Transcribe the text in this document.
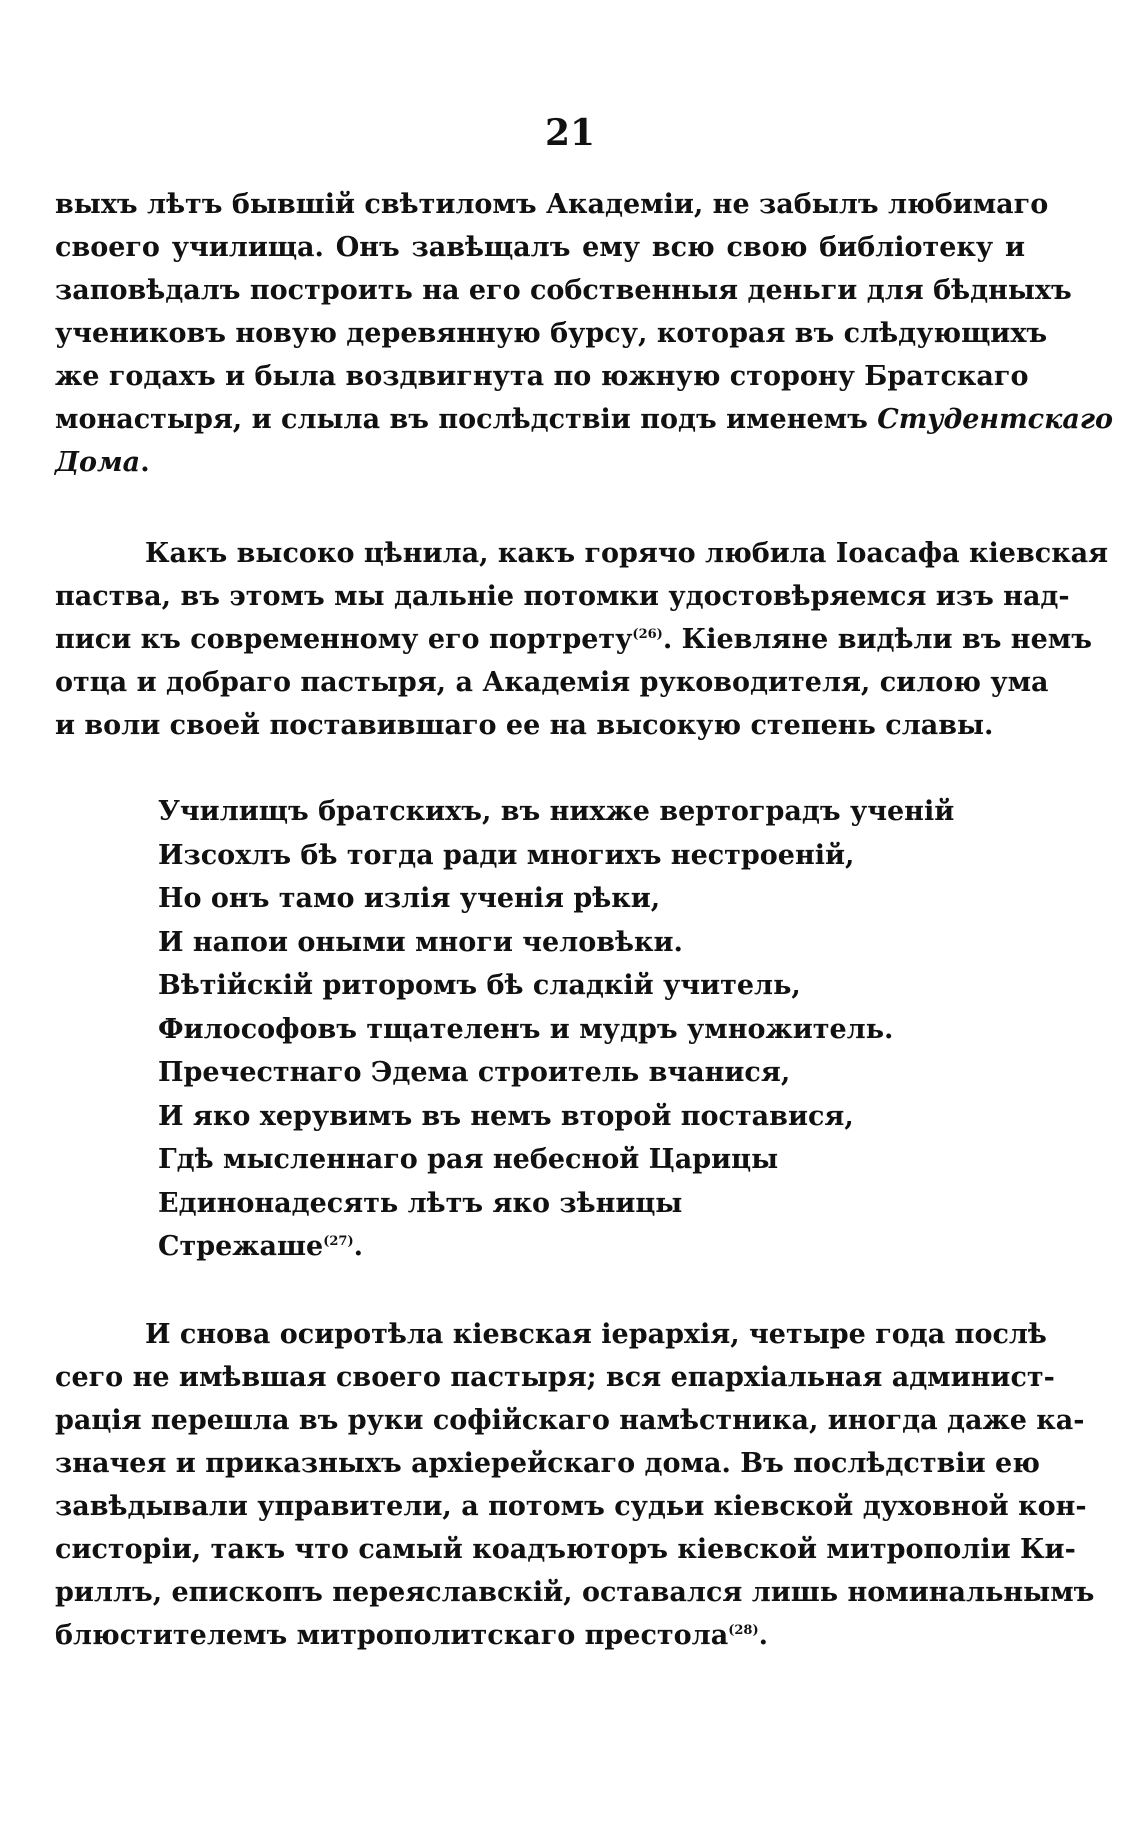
21
выхъ лѣтъ бывшій свѣтиломъ Академіи, не забылъ любимаго
своего училища. Онъ завѣщалъ ему всю свою библіотеку и
заповѣдалъ построить на его собственныя деньги для бѣдныхъ
учениковъ новую деревянную бурсу, которая въ слѣдующихъ
же годахъ и была воздвигнута по южную сторону Братскаго
монастыря, и слыла въ послѣдствіи подъ именемъ Студентскаго
Дома.
Какъ высоко цѣнила, какъ горячо любила Іоасафа кіевская
паства, въ этомъ мы дальніе потомки удостовѣряемся изъ над-
писи къ современному его портрету$^{(26)}$. Кіевляне видѣли въ немъ
отца и добраго пастыря, а Академія руководителя, силою ума
и воли своей поставившаго ее на высокую степень славы.
Училищъ братскихъ, въ нихже вертоградъ ученій
Изсохлъ бѣ тогда ради многихъ нестроеній,
Но онъ тамо излія ученія рѣки,
И напои оными многи человѣки.
Вѣтійскій риторомъ бѣ сладкій учитель,
Философовъ тщателенъ и мудръ умножитель.
Пречестнаго Эдема строитель вчанися,
И яко херувимъ въ немъ второй поставися,
Гдѣ мысленнаго рая небесной Царицы
Единонадесять лѣтъ яко зѣницы
Стрежаше$^{(27)}$.
И снова осиротѣла кіевская іерархія, четыре года послѣ
сего не имѣвшая своего пастыря; вся епархіальная админист-
рація перешла въ руки софійскаго намѣстника, иногда даже ка-
значея и приказныхъ архіерейскаго дома. Въ послѣдствіи ею
завѣдывали управители, а потомъ судьи кіевской духовной кон-
систоріи, такъ что самый коадъюторъ кіевской митрополіи Ки-
риллъ, епископъ переяславскій, оставался лишь номинальнымъ
блюстителемъ митрополитскаго престола$^{(28)}$.
